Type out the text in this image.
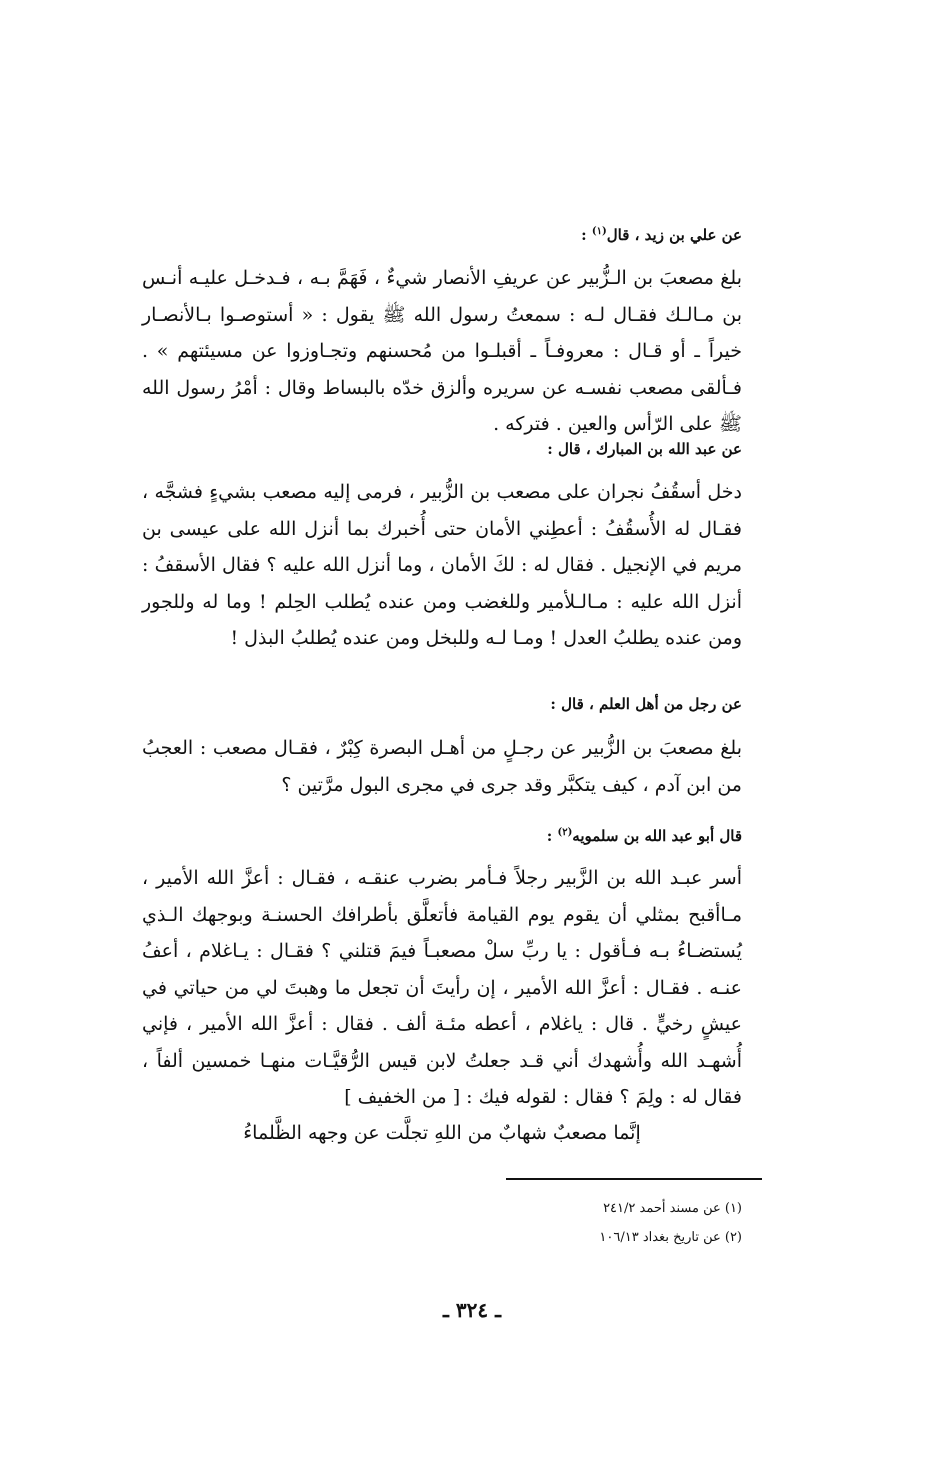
عن علي بن زيد ، قال$^{(١)}$ :
بلغ مصعبَ بن الـزُّبير عن عريفِ الأنصار شيءٌ ، فَهَمَّ بـه ، فـدخـل عليـه أنـس بن مـالـك فقـال لـه : سمعتُ رسول الله ﷺ يقول : « أستوصـوا بـالأنصـار خيراً ـ أو قـال : معروفـاً ـ أقبلـوا من مُحسنهم وتجـاوزوا عن مسيئتهم » . فـألقى مصعب نفسـه عن سريره وألزق خدّه بالبساط وقال : أمْرُ رسول الله ﷺ على الرّأس والعين . فتركه .
عن عبد الله بن المبارك ، قال :
دخل أسقُفُ نجران على مصعب بن الزُّبير ، فرمى إليه مصعب بشيءٍ فشجَّه ، فقـال له الأُسقُفُ : أعطِني الأمان حتى أُخبرك بما أنزل الله على عيسى بن مريم في الإنجيل . فقال له : لكَ الأمان ، وما أنزل الله عليه ؟ فقال الأسقفُ : أنزل الله عليه : مـالـلأمير وللغضب ومن عنده يُطلب الحِلم ! وما له وللجور ومن عنده يطلبُ العدل ! ومـا لـه وللبخل ومن عنده يُطلبُ البذل !
عن رجل من أهل العلم ، قال :
بلغ مصعبَ بن الزُّبير عن رجـلٍ من أهـل البصرة كِبْرٌ ، فقـال مصعب : العجبُ من ابن آدم ، كيف يتكبَّر وقد جرى في مجرى البول مرَّتين ؟
قال أبو عبد الله بن سلمويه$^{(٢)}$ :
أسر عبـد الله بن الزَّبير رجلاً فـأمر بضرب عنقـه ، فقـال : أعزَّ الله الأمير ، مـاأقبح بمثلي أن يقوم يوم القيامة فأتعلَّق بأطرافك الحسنـة وبوجهك الـذي يُستضـاءُ بـه فـأقول : يا ربِّ سلْ مصعبـاً فيمَ قتلني ؟ فقـال : يـاغلام ، أعفُ عنـه . فقـال : أعزَّ الله الأمير ، إن رأيتَ أن تجعل ما وهبتَ لي من حياتي في عيشٍ رخيٍّ . قال : ياغلام ، أعطه مئـة ألف . فقال : أعزَّ الله الأمير ، فإني أُشهـد الله وأُشهدك أني قـد جعلتُ لابن قيس الرُّقيَّـات منهـا خمسين ألفاً ، فقال له : ولِمَ ؟ فقال : لقوله فيك : [ من الخفيف ]
إنَّما مصعبٌ شهابٌ من اللهِ تجلَّت عن وجهه الظَّلماءُ
(١) عن مسند أحمد ٢٤١/٢
(٢) عن تاريخ بغداد ١٠٦/١٣
ـ ٣٢٤ ـ
